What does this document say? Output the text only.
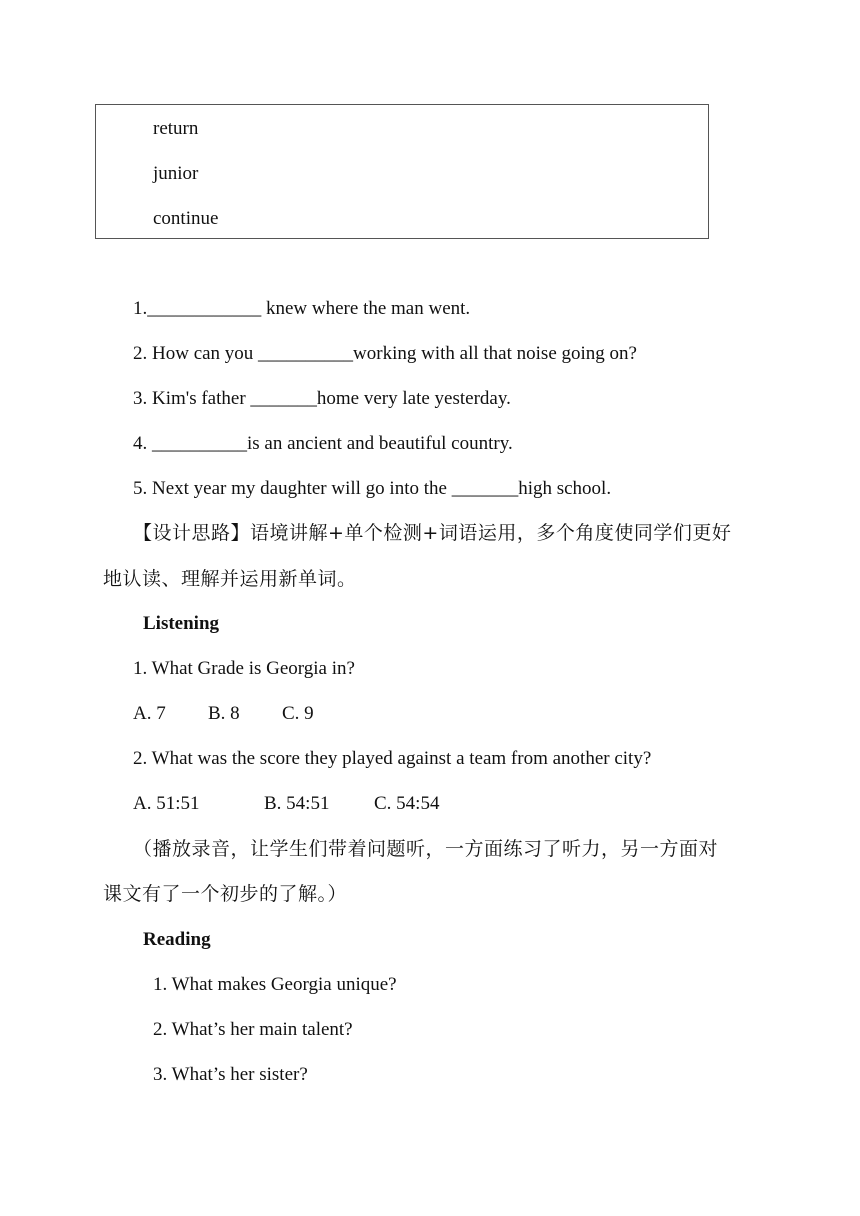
return
junior
continue
1.____________ knew where the man went.
2. How can you __________working with all that noise going on?
3. Kim's father _______home very late yesterday.
4. __________is an ancient and beautiful country.
5. Next year my daughter will go into the _______high school.
【设计思路】语境讲解+单个检测+词语运用，多个角度使同学们更好
地认读、理解并运用新单词。
Listening
1. What Grade is Georgia in?
A. 7 B. 8 C. 9
2. What was the score they played against a team from another city?
A. 51:51	B. 54:51 C. 54:54
（播放录音，让学生们带着问题听，一方面练习了听力，另一方面对
课文有了一个初步的了解。）
Reading
1. What makes Georgia unique?
2. What’s her main talent?
3. What’s her sister?
